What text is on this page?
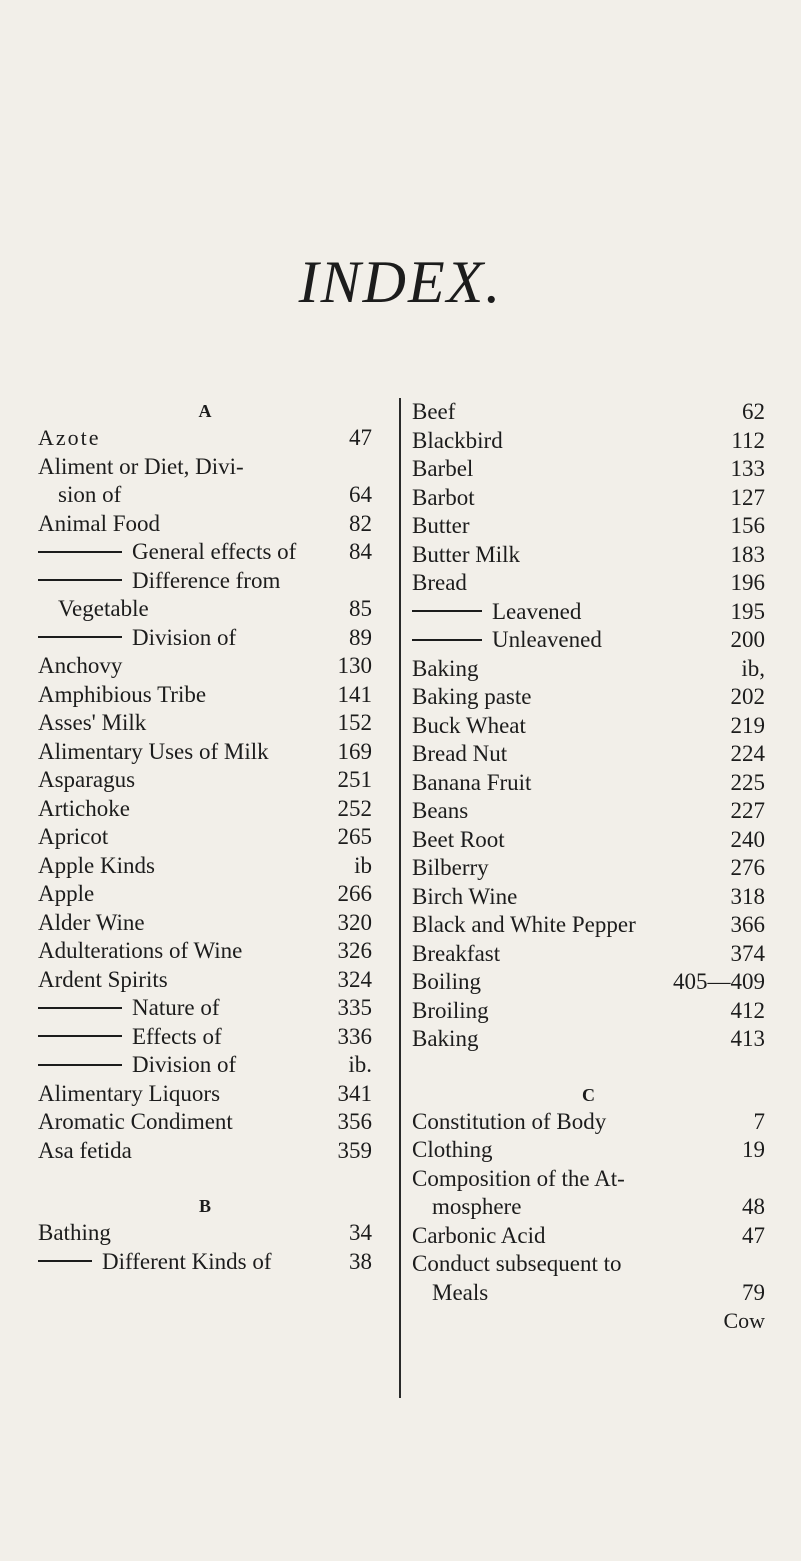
INDEX.
A
Azote	47
Aliment or Diet, Divi-
sion of	64
Animal Food	82
General effects of	84
Difference from
Vegetable	85
Division of	89
Anchovy	130
Amphibious Tribe	141
Asses' Milk	152
Alimentary Uses of Milk	169
Asparagus	251
Artichoke	252
Apricot	265
Apple Kinds	ib
Apple	266
Alder Wine	320
Adulterations of Wine	326
Ardent Spirits	324
Nature of	335
Effects of	336
Division of	ib.
Alimentary Liquors	341
Aromatic Condiment	356
Asa fetida	359
B
Bathing	34
Different Kinds of	38
Beef	62
Blackbird	112
Barbel	133
Barbot	127
Butter	156
Butter Milk	183
Bread	196
Leavened	195
Unleavened	200
Baking	ib,
Baking paste	202
Buck Wheat	219
Bread Nut	224
Banana Fruit	225
Beans	227
Beet Root	240
Bilberry	276
Birch Wine	318
Black and White Pepper	366
Breakfast	374
Boiling	405—409
Broiling	412
Baking	413
C
Constitution of Body	7
Clothing	19
Composition of the At-
mosphere	48
Carbonic Acid	47
Conduct subsequent to
Meals	79
Cow
